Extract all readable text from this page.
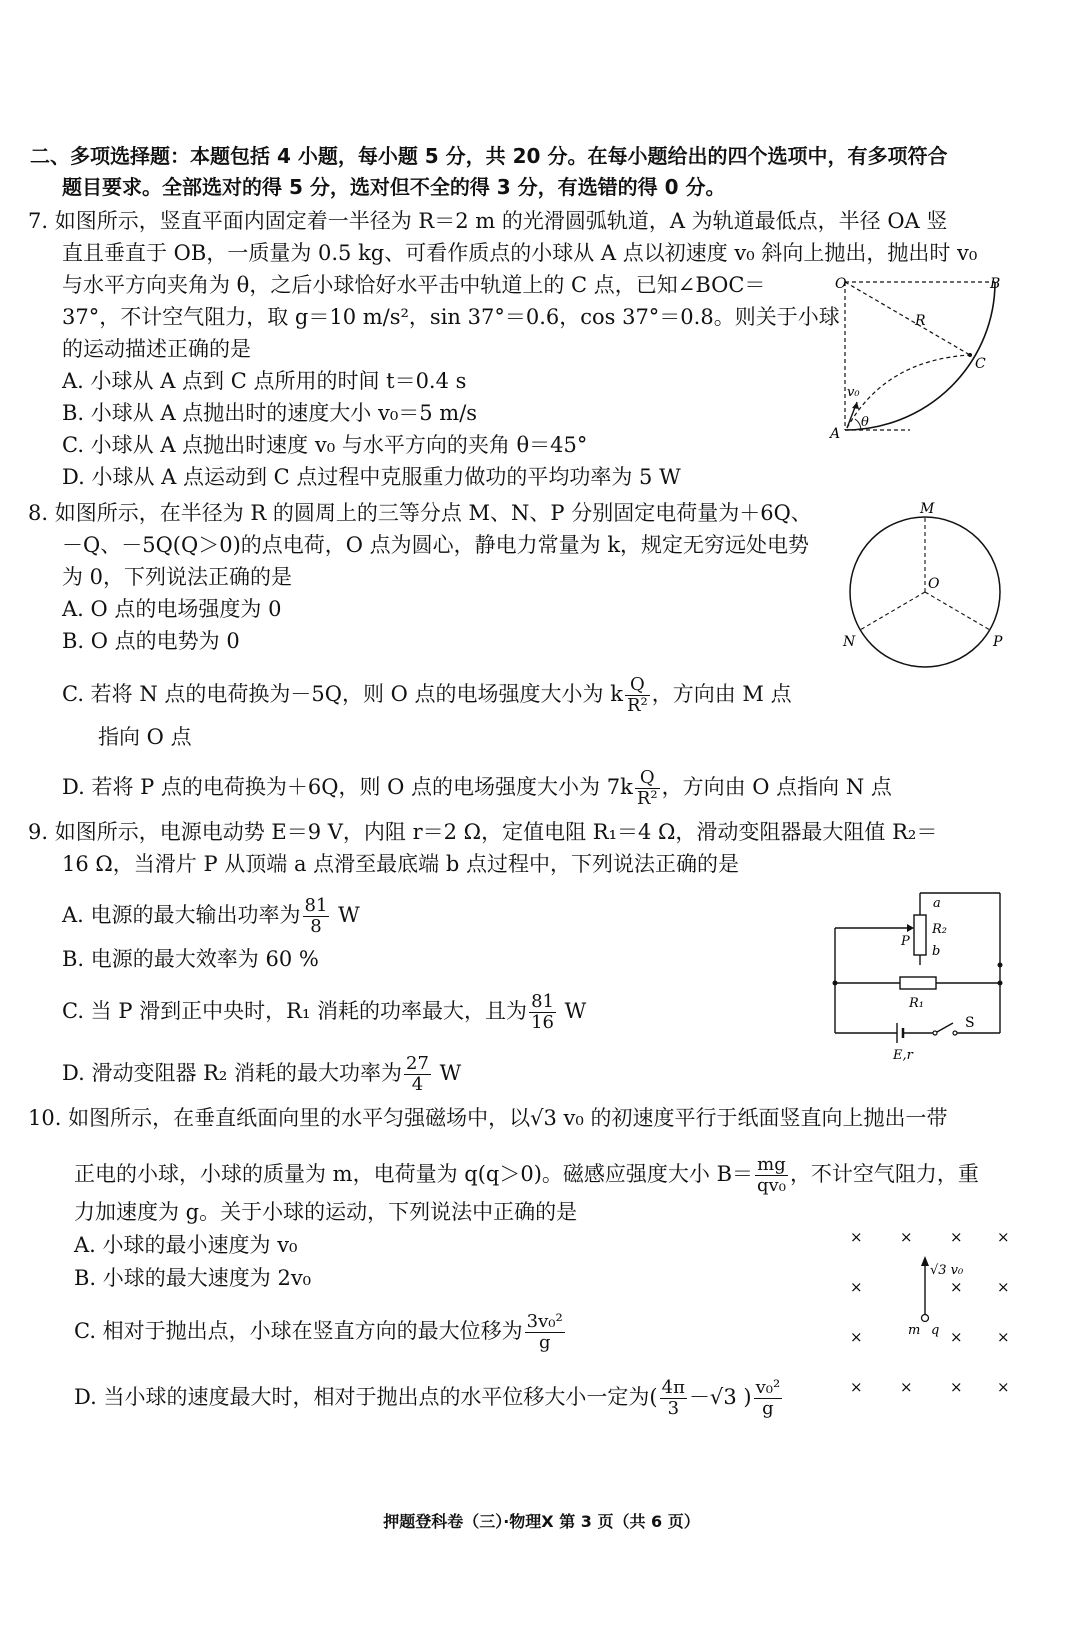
二、多项选择题：本题包括 4 小题，每小题 5 分，共 20 分。在每小题给出的四个选项中，有多项符合
题目要求。全部选对的得 5 分，选对但不全的得 3 分，有选错的得 0 分。
7. 如图所示，竖直平面内固定着一半径为 R＝2 m 的光滑圆弧轨道，A 为轨道最低点，半径 OA 竖
直且垂直于 OB，一质量为 0.5 kg、可看作质点的小球从 A 点以初速度 v₀ 斜向上抛出，抛出时 v₀
与水平方向夹角为 θ，之后小球恰好水平击中轨道上的 C 点，已知∠BOC＝
37°，不计空气阻力，取 g＝10 m/s²，sin 37°＝0.6，cos 37°＝0.8。则关于小球
的运动描述正确的是
A. 小球从 A 点到 C 点所用的时间 t＝0.4 s
B. 小球从 A 点抛出时的速度大小 v₀＝5 m/s
C. 小球从 A 点抛出时速度 v₀ 与水平方向的夹角 θ＝45°
D. 小球从 A 点运动到 C 点过程中克服重力做功的平均功率为 5 W
O	B
R
C
v₀
θ
A
8. 如图所示，在半径为 R 的圆周上的三等分点 M、N、P 分别固定电荷量为＋6Q、
－Q、－5Q(Q＞0)的点电荷，O 点为圆心，静电力常量为 k，规定无穷远处电势
为 0，下列说法正确的是
A. O 点的电场强度为 0
B. O 点的电势为 0
C. 若将 N 点的电荷换为－5Q，则 O 点的电场强度大小为 k $\frac{Q}{\text{R²}}$ ，方向由 M 点
指向 O 点
D. 若将 P 点的电荷换为＋6Q，则 O 点的电场强度大小为 $7k \frac{Q}{\text{R²}}$ ，方向由 O 点指向 N 点
M
O
N	P
9. 如图所示，电源电动势 E＝9 V，内阻 r＝2 Ω，定值电阻 R₁＝4 Ω，滑动变阻器最大阻值 R₂＝
16 Ω，当滑片 P 从顶端 a 点滑至最底端 b 点过程中，下列说法正确的是
A. 电源的最大输出功率为 $\frac{81}{8}$ W
B. 电源的最大效率为 60 %
C. 当 P 滑到正中央时，R₁ 消耗的功率最大，且为 $\frac{81}{16}$ W
D. 滑动变阻器 R₂ 消耗的最大功率为 $\frac{27}{4}$ W
a
R₂
P
b
R₁
S
E,r
10. 如图所示，在垂直纸面向里的水平匀强磁场中，以√3 v₀ 的初速度平行于纸面竖直向上抛出一带
正电的小球，小球的质量为 m，电荷量为 q(q＞0)。磁感应强度大小 $B= \frac{mg}{\text{qv₀}}$ ，不计空气阻力，重
力加速度为 g。关于小球的运动，下列说法中正确的是
A. 小球的最小速度为 v₀
B. 小球的最大速度为 2v₀
C. 相对于抛出点，小球在竖直方向的最大位移为 $\frac{\text{3v₀²}}{g}$
D. 当小球的速度最大时，相对于抛出点的水平位移大小一定为( $\frac{4\pi}{3} -√3$ ) $\frac{\text{v₀²}}{g}$
× × × ×
×	× ×
×	× ×
× × × ×
√3 v₀
m q
押题登科卷（三）·物理X 第 3 页（共 6 页）
